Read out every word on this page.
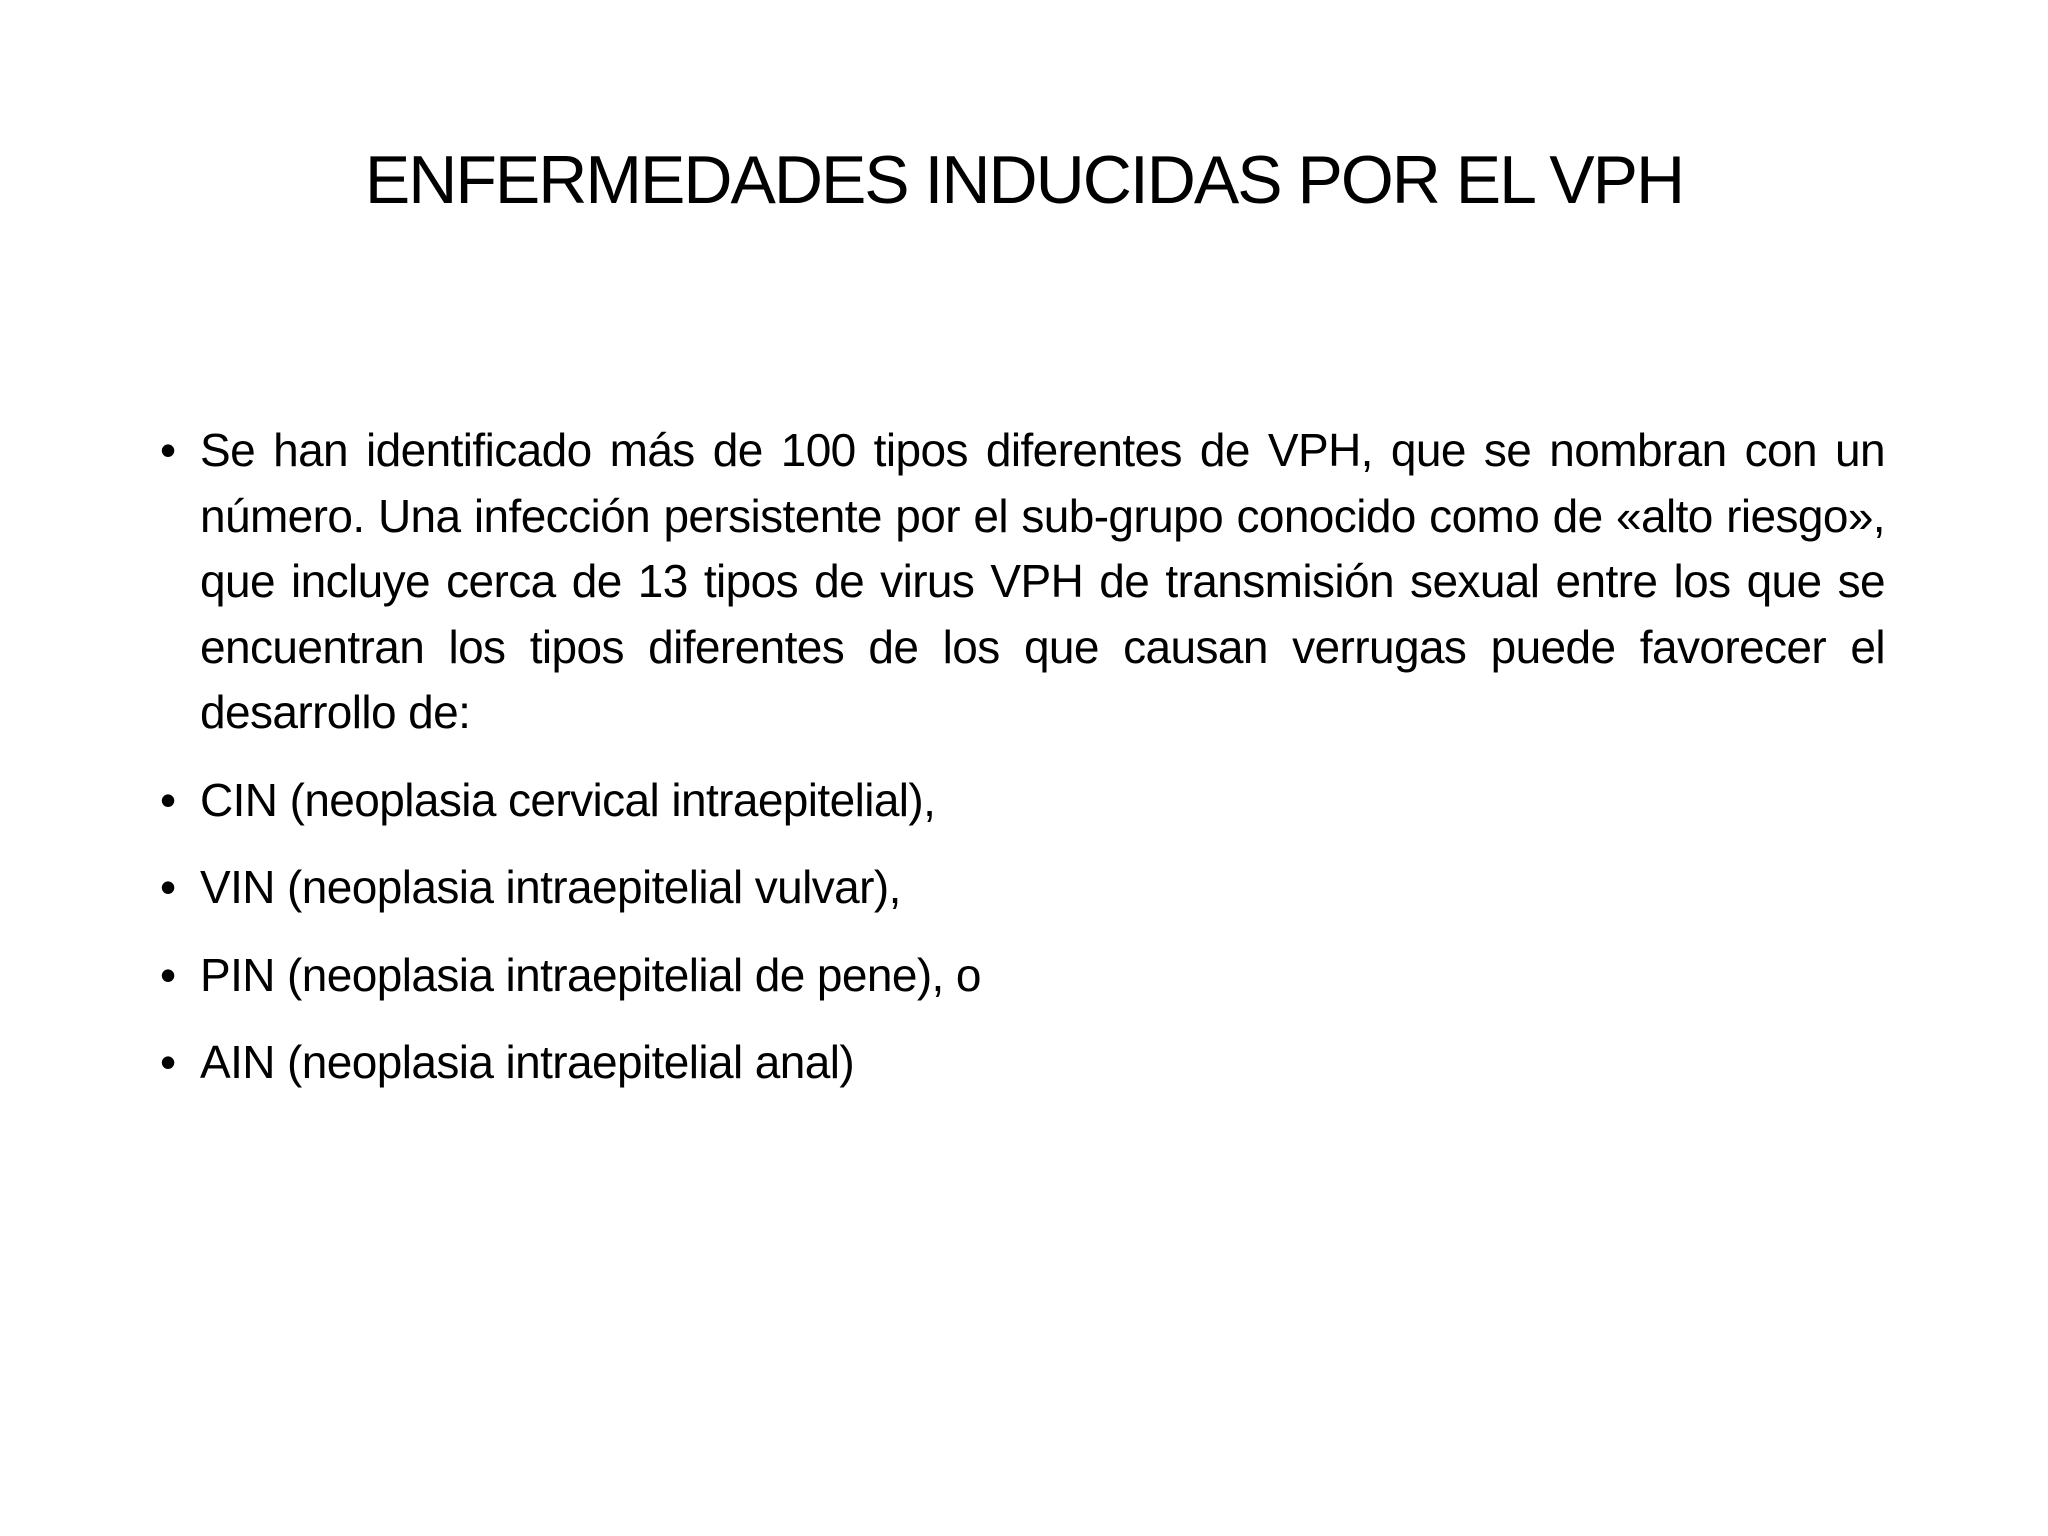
ENFERMEDADES INDUCIDAS POR EL VPH
• Se han identificado más de 100 tipos diferentes de VPH, que se nombran con un número. Una infección persistente por el sub-grupo conocido como de «alto riesgo», que incluye cerca de 13 tipos de virus VPH de transmisión sexual entre los que se encuentran los tipos diferentes de los que causan verrugas puede favorecer el desarrollo de:
• CIN (neoplasia cervical intraepitelial),
• VIN (neoplasia intraepitelial vulvar),
• PIN (neoplasia intraepitelial de pene), o
• AIN (neoplasia intraepitelial anal)
